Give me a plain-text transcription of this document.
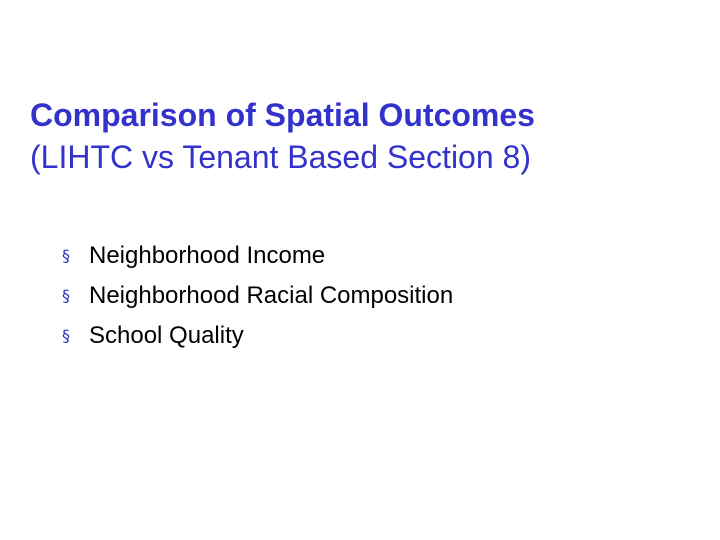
Comparison of Spatial Outcomes
(LIHTC vs Tenant Based Section 8)
§ Neighborhood Income
§ Neighborhood Racial Composition
§ School Quality
